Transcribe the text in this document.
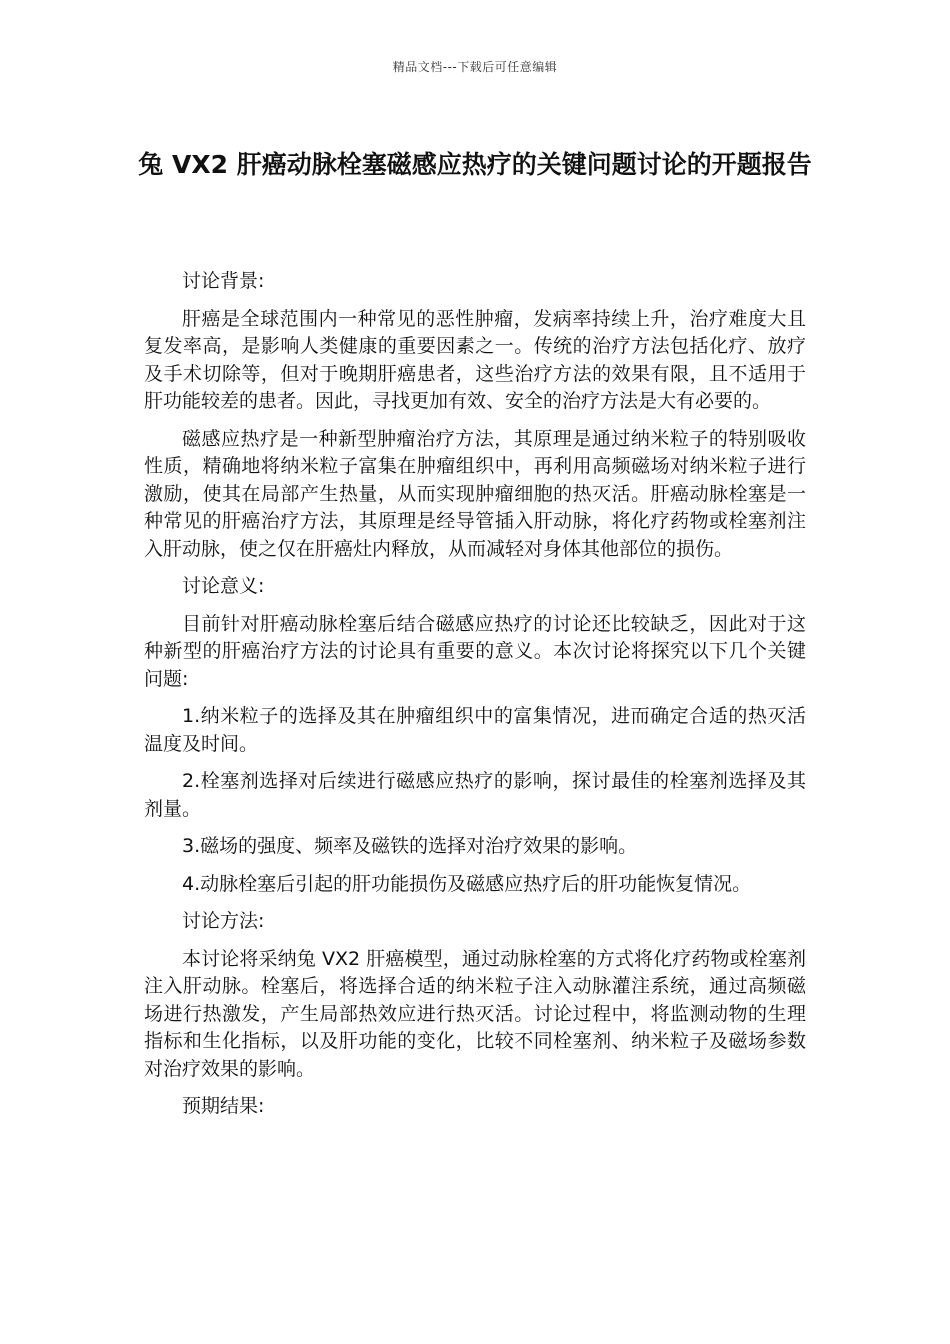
精品文档---下载后可任意编辑
兔 VX2 肝癌动脉栓塞磁感应热疗的关键问题讨论的开题报告

讨论背景:

肝癌是全球范围内一种常见的恶性肿瘤，发病率持续上升，治疗难度大且复发率高，是影响人类健康的重要因素之一。传统的治疗方法包括化疗、放疗及手术切除等，但对于晚期肝癌患者，这些治疗方法的效果有限，且不适用于肝功能较差的患者。因此，寻找更加有效、安全的治疗方法是大有必要的。

磁感应热疗是一种新型肿瘤治疗方法，其原理是通过纳米粒子的特别吸收性质，精确地将纳米粒子富集在肿瘤组织中，再利用高频磁场对纳米粒子进行激励，使其在局部产生热量，从而实现肿瘤细胞的热灭活。肝癌动脉栓塞是一种常见的肝癌治疗方法，其原理是经导管插入肝动脉，将化疗药物或栓塞剂注入肝动脉，使之仅在肝癌灶内释放，从而减轻对身体其他部位的损伤。

讨论意义:

目前针对肝癌动脉栓塞后结合磁感应热疗的讨论还比较缺乏，因此对于这种新型的肝癌治疗方法的讨论具有重要的意义。本次讨论将探究以下几个关键问题:

1.纳米粒子的选择及其在肿瘤组织中的富集情况，进而确定合适的热灭活温度及时间。

2.栓塞剂选择对后续进行磁感应热疗的影响，探讨最佳的栓塞剂选择及其剂量。

3.磁场的强度、频率及磁铁的选择对治疗效果的影响。

4.动脉栓塞后引起的肝功能损伤及磁感应热疗后的肝功能恢复情况。

讨论方法:

本讨论将采纳兔 VX2 肝癌模型，通过动脉栓塞的方式将化疗药物或栓塞剂注入肝动脉。栓塞后，将选择合适的纳米粒子注入动脉灌注系统，通过高频磁场进行热激发，产生局部热效应进行热灭活。讨论过程中，将监测动物的生理指标和生化指标，以及肝功能的变化，比较不同栓塞剂、纳米粒子及磁场参数对治疗效果的影响。

预期结果:
